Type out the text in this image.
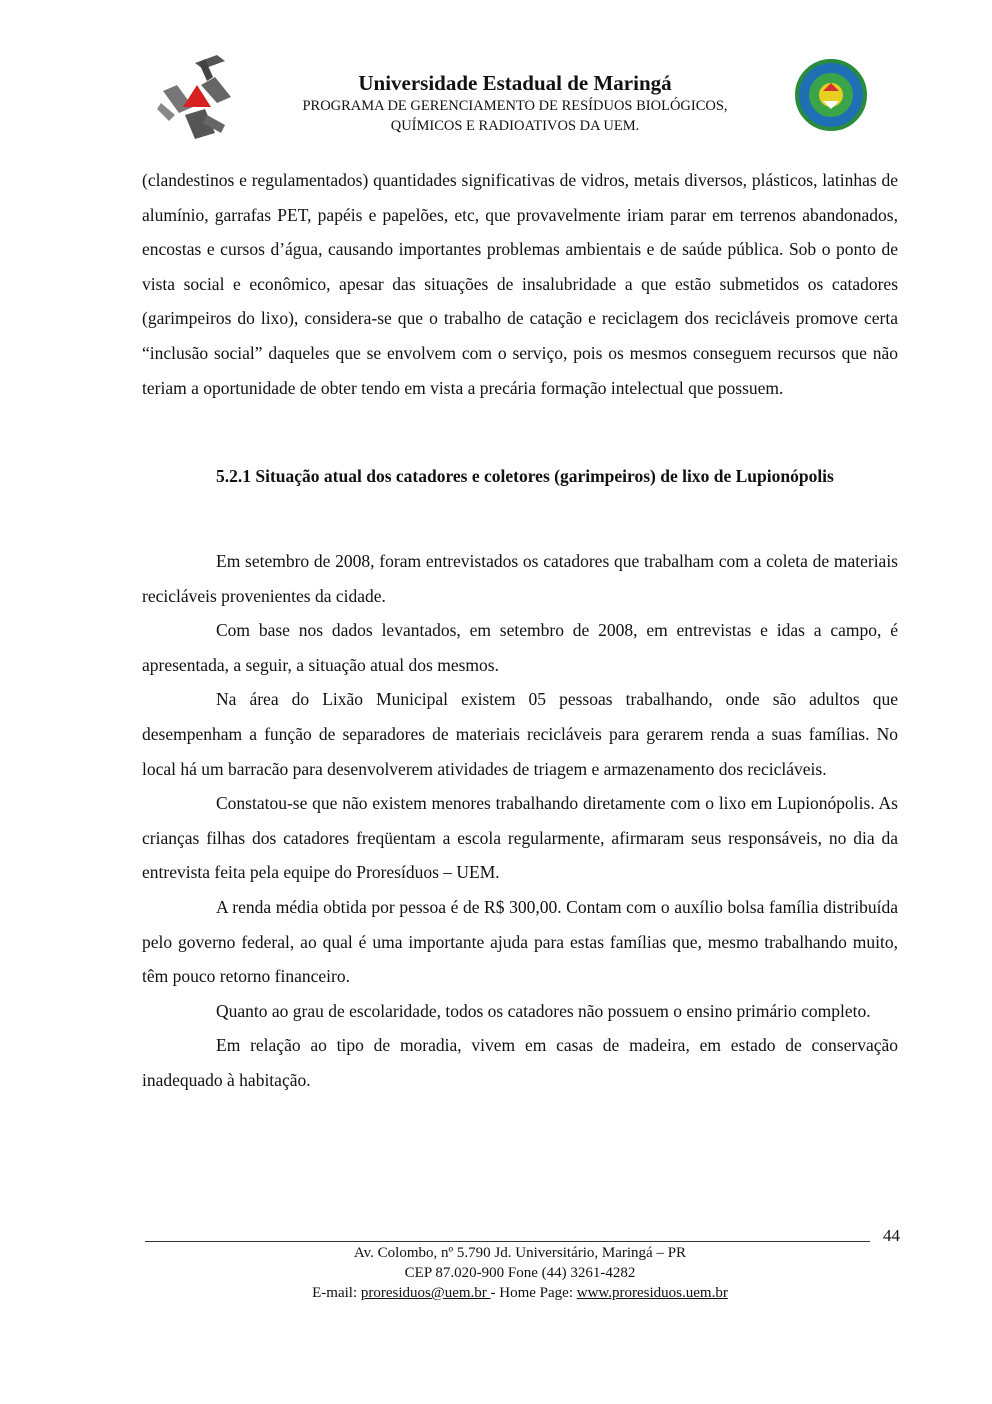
Universidade Estadual de Maringá
PROGRAMA DE GERENCIAMENTO DE RESÍDUOS BIOLÓGICOS,
QUÍMICOS E RADIOATIVOS DA UEM.

(clandestinos e regulamentados) quantidades significativas de vidros, metais diversos, plásticos, latinhas de alumínio, garrafas PET, papéis e papelões, etc, que provavelmente iriam parar em terrenos abandonados, encostas e cursos d’água, causando importantes problemas ambientais e de saúde pública. Sob o ponto de vista social e econômico, apesar das situações de insalubridade a que estão submetidos os catadores (garimpeiros do lixo), considera-se que o trabalho de catação e reciclagem dos recicláveis promove certa “inclusão social” daqueles que se envolvem com o serviço, pois os mesmos conseguem recursos que não teriam a oportunidade de obter tendo em vista a precária formação intelectual que possuem.

5.2.1 Situação atual dos catadores e coletores (garimpeiros) de lixo de Lupionópolis

Em setembro de 2008, foram entrevistados os catadores que trabalham com a coleta de materiais recicláveis provenientes da cidade.

Com base nos dados levantados, em setembro de 2008, em entrevistas e idas a campo, é apresentada, a seguir, a situação atual dos mesmos.

Na área do Lixão Municipal existem 05 pessoas trabalhando, onde são adultos que desempenham a função de separadores de materiais recicláveis para gerarem renda a suas famílias. No local há um barracão para desenvolverem atividades de triagem e armazenamento dos recicláveis.

Constatou-se que não existem menores trabalhando diretamente com o lixo em Lupionópolis. As crianças filhas dos catadores freqüentam a escola regularmente, afirmaram seus responsáveis, no dia da entrevista feita pela equipe do Proresíduos – UEM.

A renda média obtida por pessoa é de R$ 300,00. Contam com o auxílio bolsa família distribuída pelo governo federal, ao qual é uma importante ajuda para estas famílias que, mesmo trabalhando muito, têm pouco retorno financeiro.

Quanto ao grau de escolaridade, todos os catadores não possuem o ensino primário completo.

Em relação ao tipo de moradia, vivem em casas de madeira, em estado de conservação inadequado à habitação.

44
Av. Colombo, nº 5.790 Jd. Universitário, Maringá – PR
CEP 87.020-900 Fone (44) 3261-4282
E-mail: proresiduos@uem.br - Home Page: www.proresiduos.uem.br
